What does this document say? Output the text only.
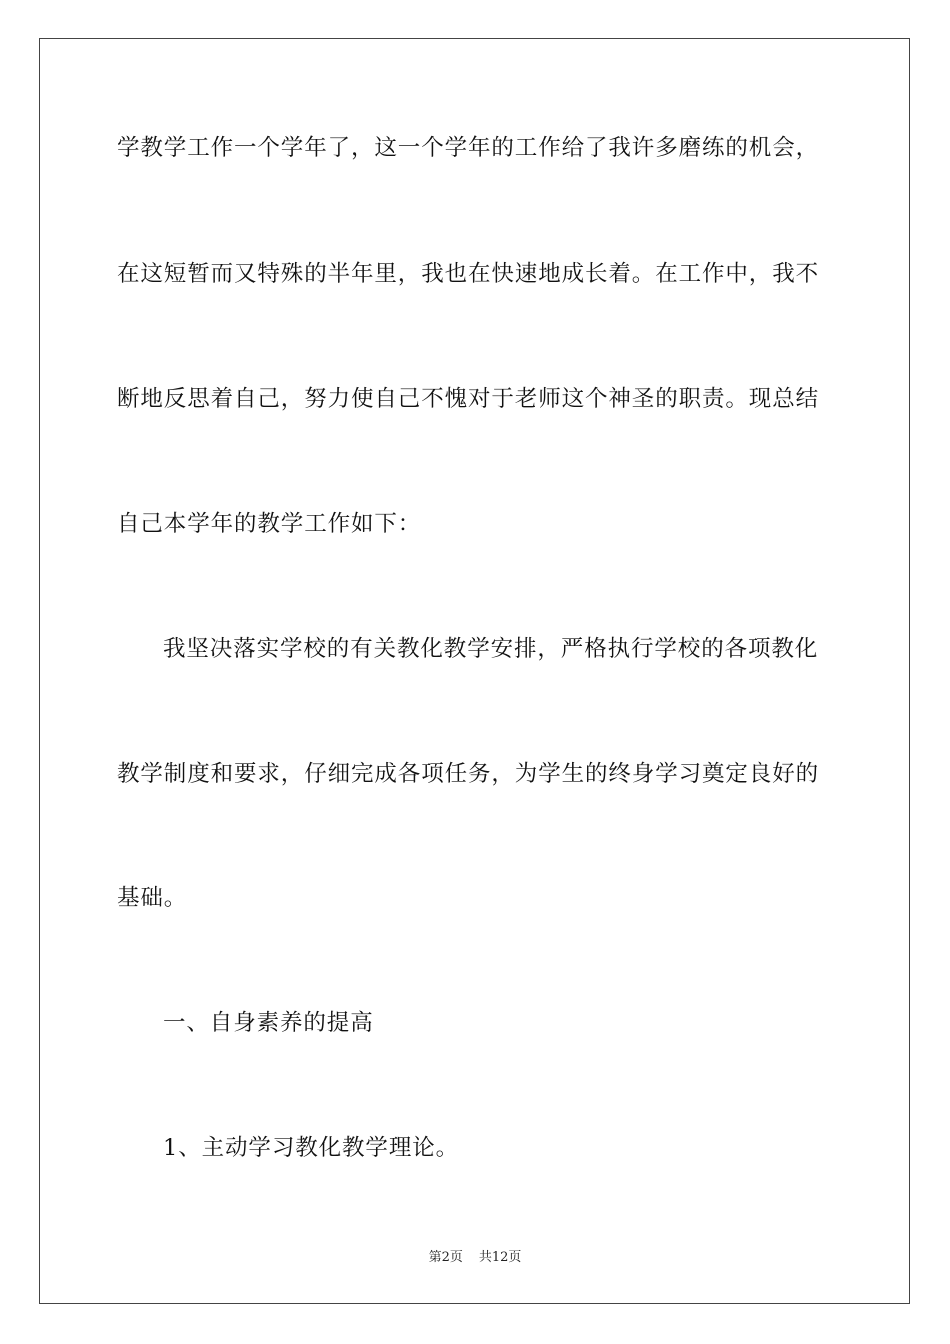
学教学工作一个学年了，这一个学年的工作给了我许多磨练的机会，
在这短暂而又特殊的半年里，我也在快速地成长着。在工作中，我不
断地反思着自己，努力使自己不愧对于老师这个神圣的职责。现总结
自己本学年的教学工作如下：
我坚决落实学校的有关教化教学安排，严格执行学校的各项教化
教学制度和要求，仔细完成各项任务，为学生的终身学习奠定良好的
基础。
一、自身素养的提高
1、主动学习教化教学理论。
第2页 共12页
